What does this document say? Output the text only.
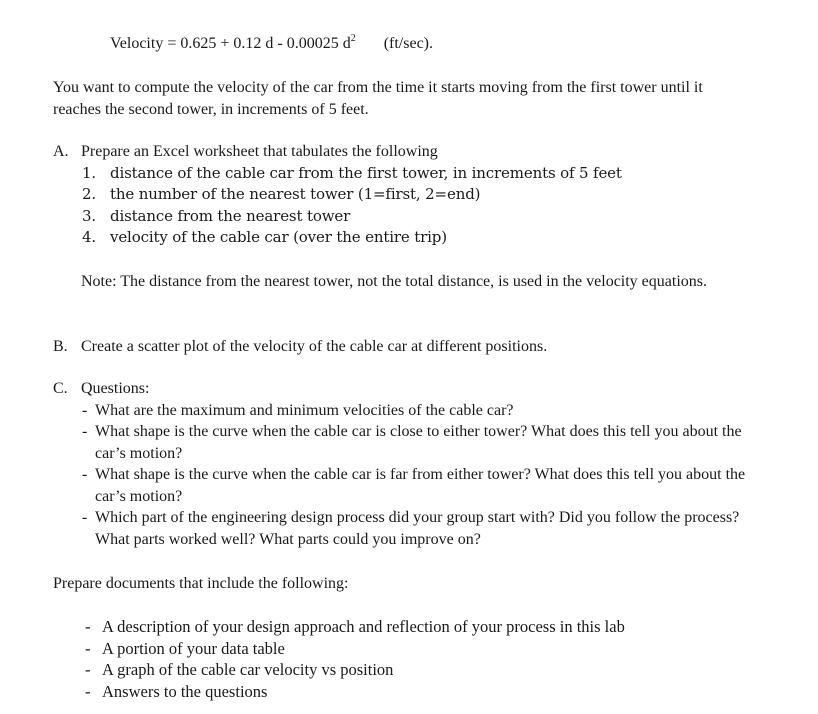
Velocity = 0.625 + 0.12 d - 0.00025 $d^2$ (ft/sec).
You want to compute the velocity of the car from the time it starts moving from the first tower until it reaches the second tower, in increments of 5 feet.
A. Prepare an Excel worksheet that tabulates the following
1. distance of the cable car from the first tower, in increments of 5 feet
2. the number of the nearest tower (1=first, 2=end)
3. distance from the nearest tower
4. velocity of the cable car (over the entire trip)
Note: The distance from the nearest tower, not the total distance, is used in the velocity equations.
B. Create a scatter plot of the velocity of the cable car at different positions.
C. Questions:
- What are the maximum and minimum velocities of the cable car?
- What shape is the curve when the cable car is close to either tower? What does this tell you about the car’s motion?
- What shape is the curve when the cable car is far from either tower? What does this tell you about the car’s motion?
- Which part of the engineering design process did your group start with? Did you follow the process? What parts worked well? What parts could you improve on?
Prepare documents that include the following:
- A description of your design approach and reflection of your process in this lab
- A portion of your data table
- A graph of the cable car velocity vs position
- Answers to the questions
